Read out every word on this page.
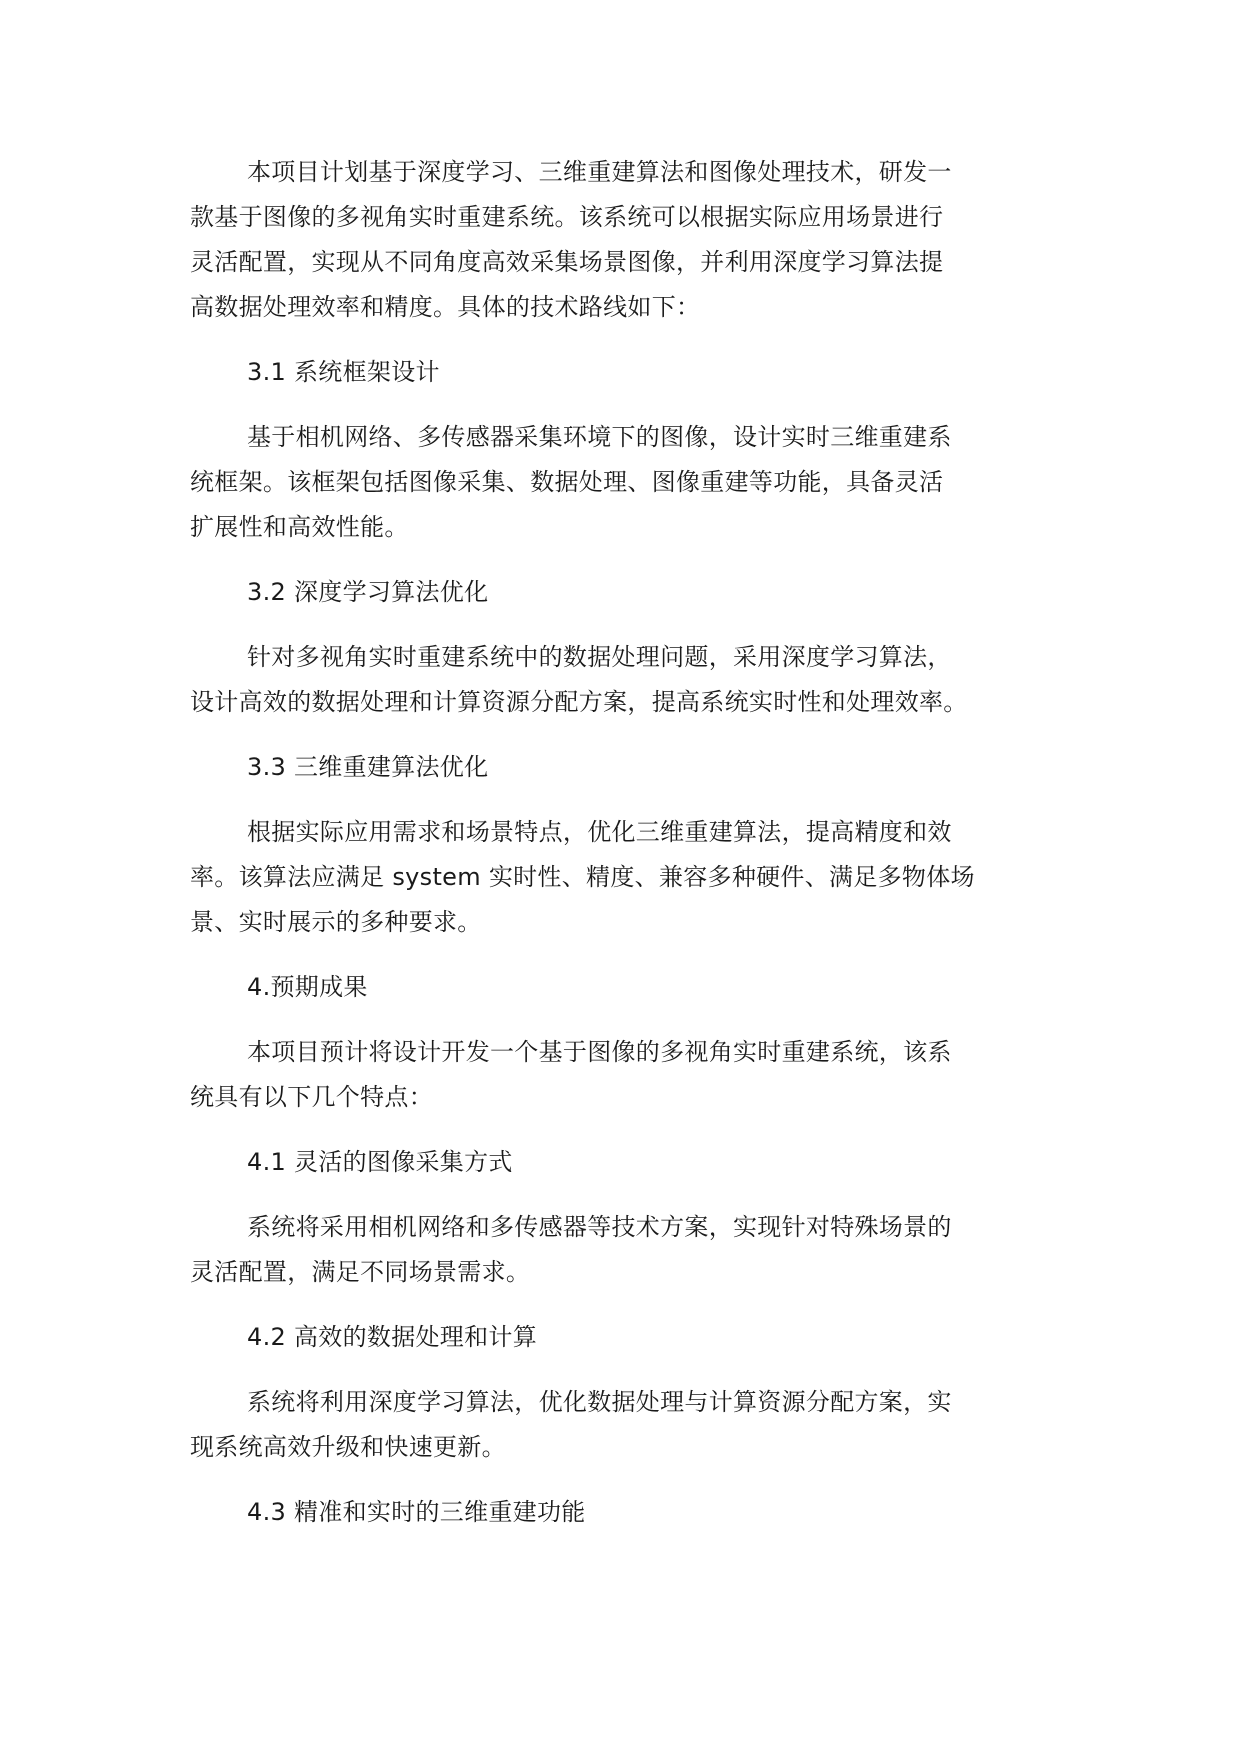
本项目计划基于深度学习、三维重建算法和图像处理技术，研发一
款基于图像的多视角实时重建系统。该系统可以根据实际应用场景进行
灵活配置，实现从不同角度高效采集场景图像，并利用深度学习算法提
高数据处理效率和精度。具体的技术路线如下：
3.1 系统框架设计
基于相机网络、多传感器采集环境下的图像，设计实时三维重建系
统框架。该框架包括图像采集、数据处理、图像重建等功能，具备灵活
扩展性和高效性能。
3.2 深度学习算法优化
针对多视角实时重建系统中的数据处理问题，采用深度学习算法，
设计高效的数据处理和计算资源分配方案，提高系统实时性和处理效率。
3.3 三维重建算法优化
根据实际应用需求和场景特点，优化三维重建算法，提高精度和效
率。该算法应满足 system 实时性、精度、兼容多种硬件、满足多物体场
景、实时展示的多种要求。
4.预期成果
本项目预计将设计开发一个基于图像的多视角实时重建系统，该系
统具有以下几个特点：
4.1 灵活的图像采集方式
系统将采用相机网络和多传感器等技术方案，实现针对特殊场景的
灵活配置，满足不同场景需求。
4.2 高效的数据处理和计算
系统将利用深度学习算法，优化数据处理与计算资源分配方案，实
现系统高效升级和快速更新。
4.3 精准和实时的三维重建功能
